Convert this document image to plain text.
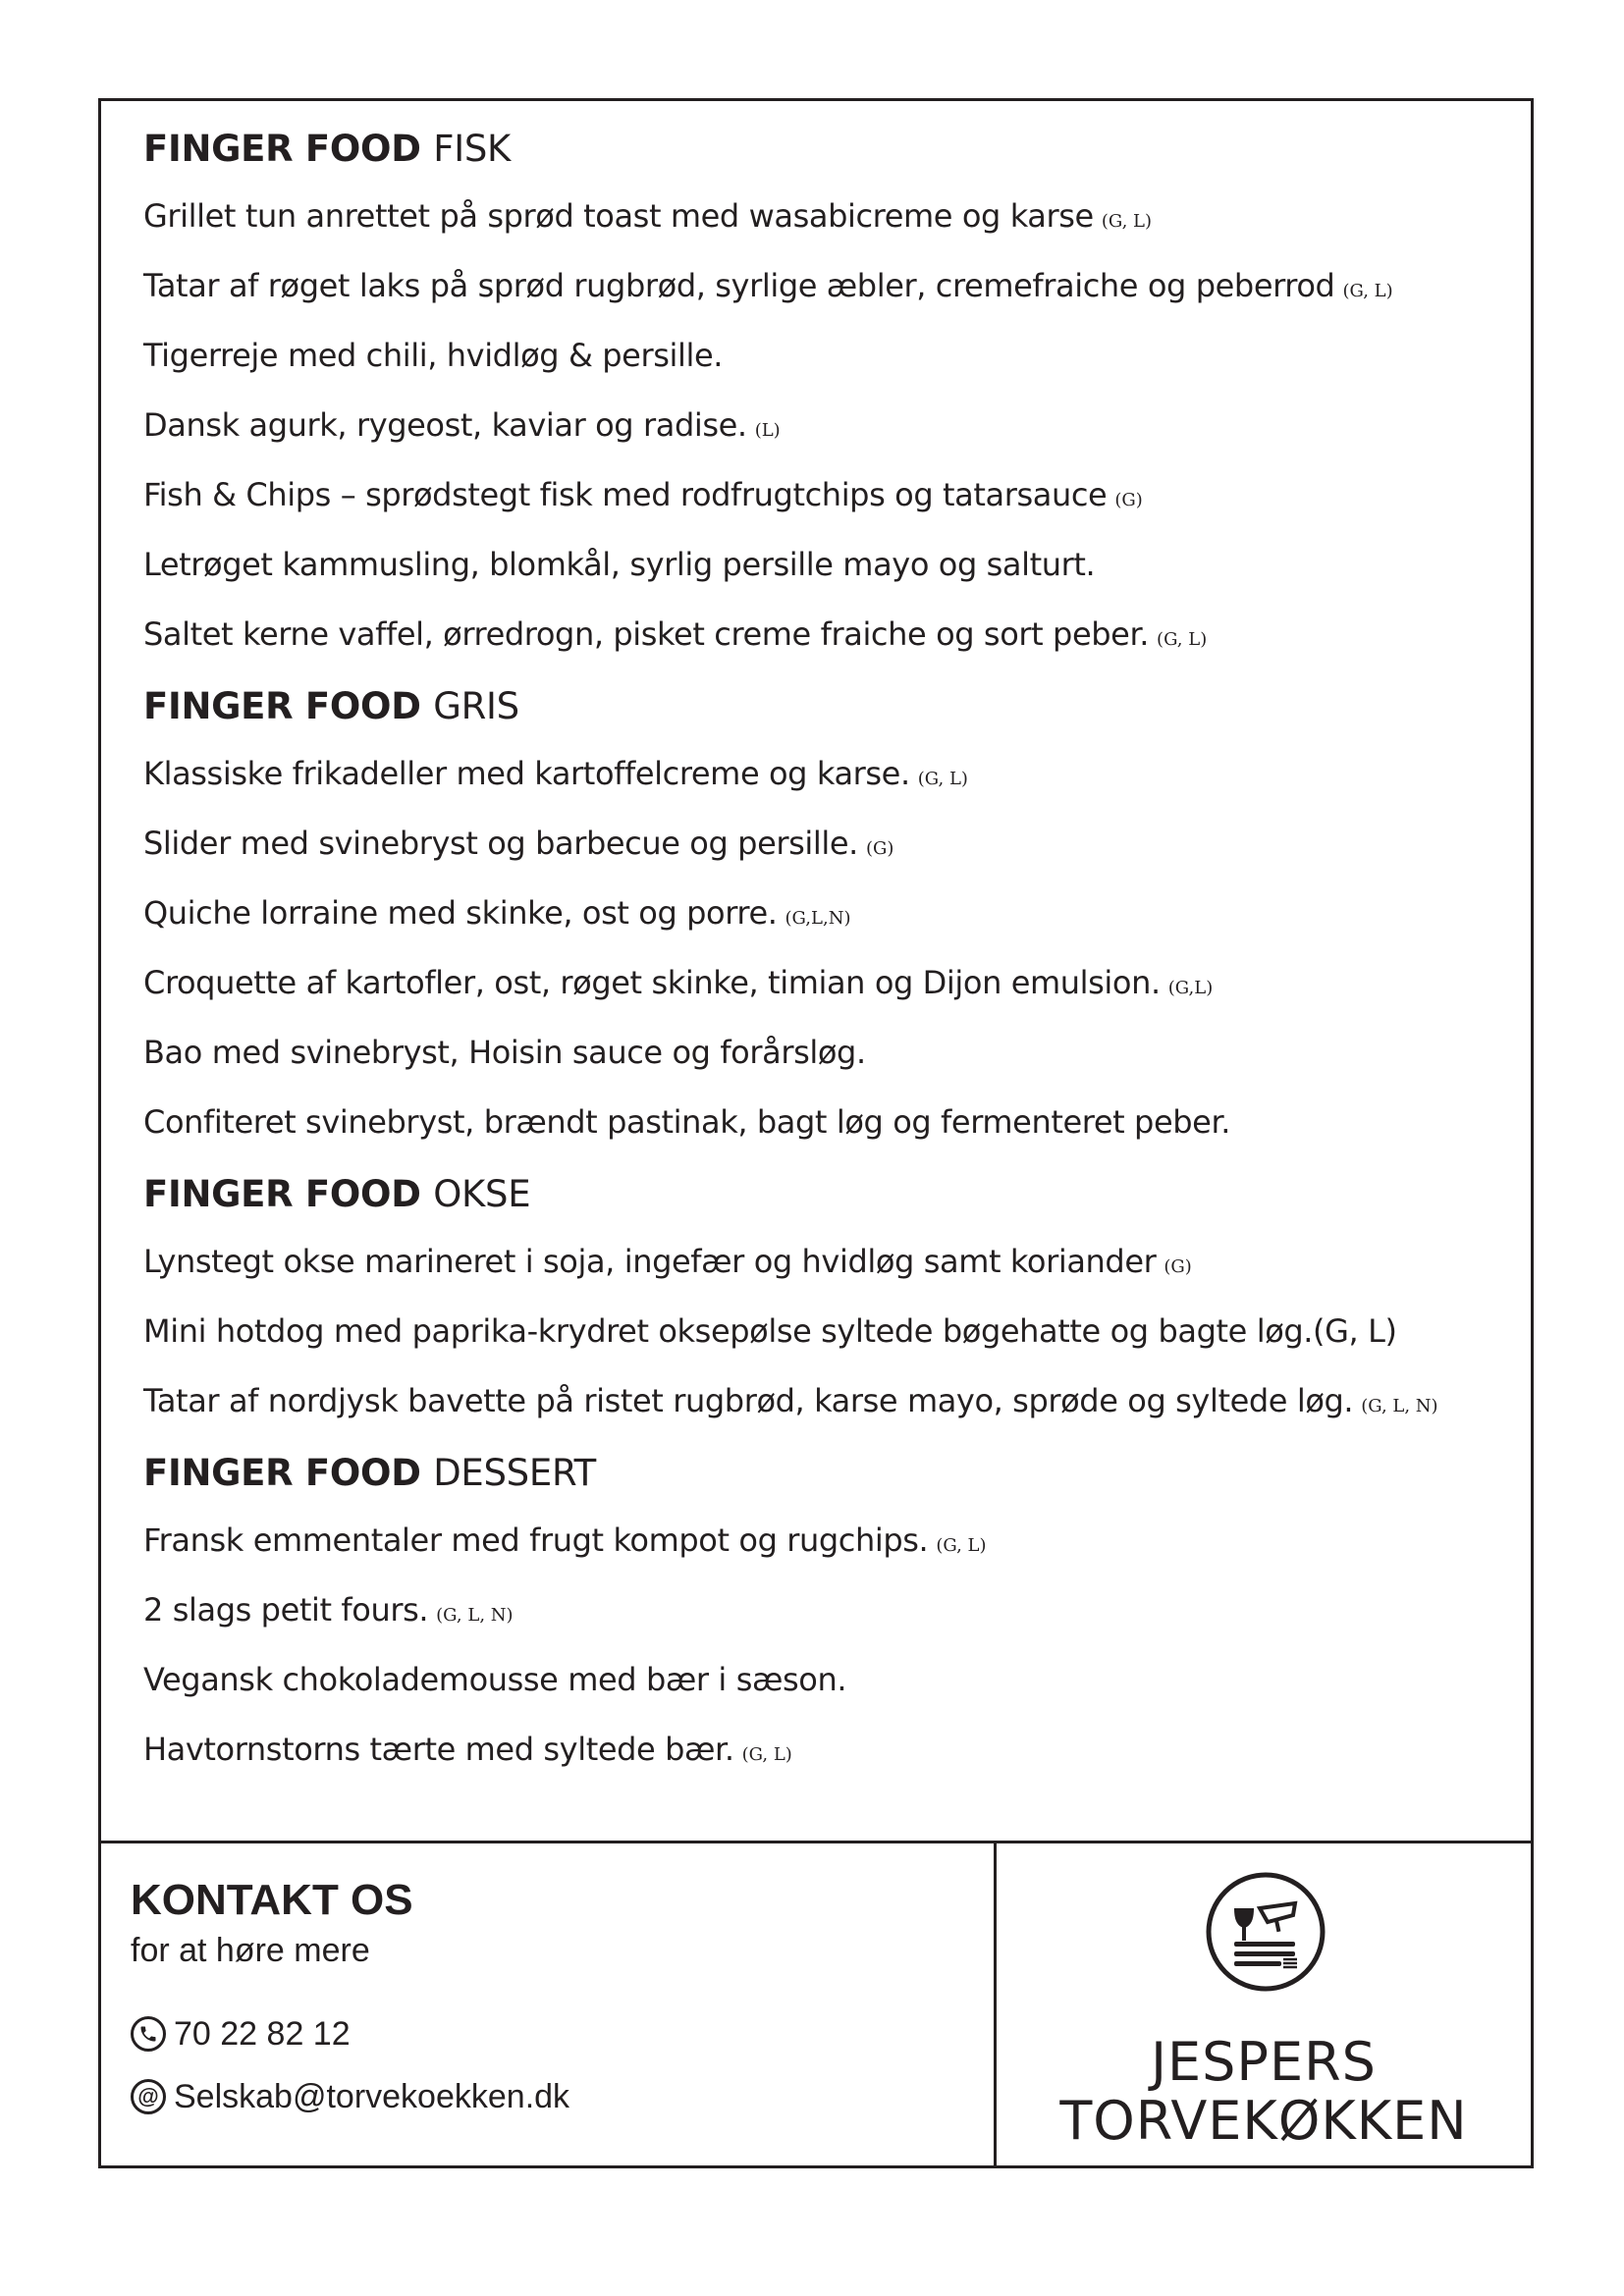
FINGER FOOD FISK
Grillet tun anrettet på sprød toast med wasabicreme og karse (G, L)
Tatar af røget laks på sprød rugbrød, syrlige æbler, cremefraiche og peberrod (G, L)
Tigerreje med chili, hvidløg & persille.
Dansk agurk, rygeost, kaviar og radise. (L)
Fish & Chips – sprødstegt fisk med rodfrugtchips og tatarsauce (G)
Letrøget kammusling, blomkål, syrlig persille mayo og salturt.
Saltet kerne vaffel, ørredrogn, pisket creme fraiche og sort peber. (G, L)
FINGER FOOD GRIS
Klassiske frikadeller med kartoffelcreme og karse. (G, L)
Slider med svinebryst og barbecue og persille. (G)
Quiche lorraine med skinke, ost og porre. (G,L,N)
Croquette af kartofler, ost, røget skinke, timian og Dijon emulsion. (G,L)
Bao med svinebryst, Hoisin sauce og forårsløg.
Confiteret svinebryst, brændt pastinak, bagt løg og fermenteret peber.
FINGER FOOD OKSE
Lynstegt okse marineret i soja, ingefær og hvidløg samt koriander (G)
Mini hotdog med paprika-krydret oksepølse syltede bøgehatte og bagte løg.(G, L)
Tatar af nordjysk bavette på ristet rugbrød, karse mayo, sprøde og syltede løg. (G, L, N)
FINGER FOOD DESSERT
Fransk emmentaler med frugt kompot og rugchips. (G, L)
2 slags petit fours. (G, L, N)
Vegansk chokolademousse med bær i sæson.
Havtornstorns tærte med syltede bær. (G, L)
KONTAKT OS

for at høre mere

70 22 82 12
@ Selskab@torvekoekken.dk
JESPERS
TORVEKØKKEN
